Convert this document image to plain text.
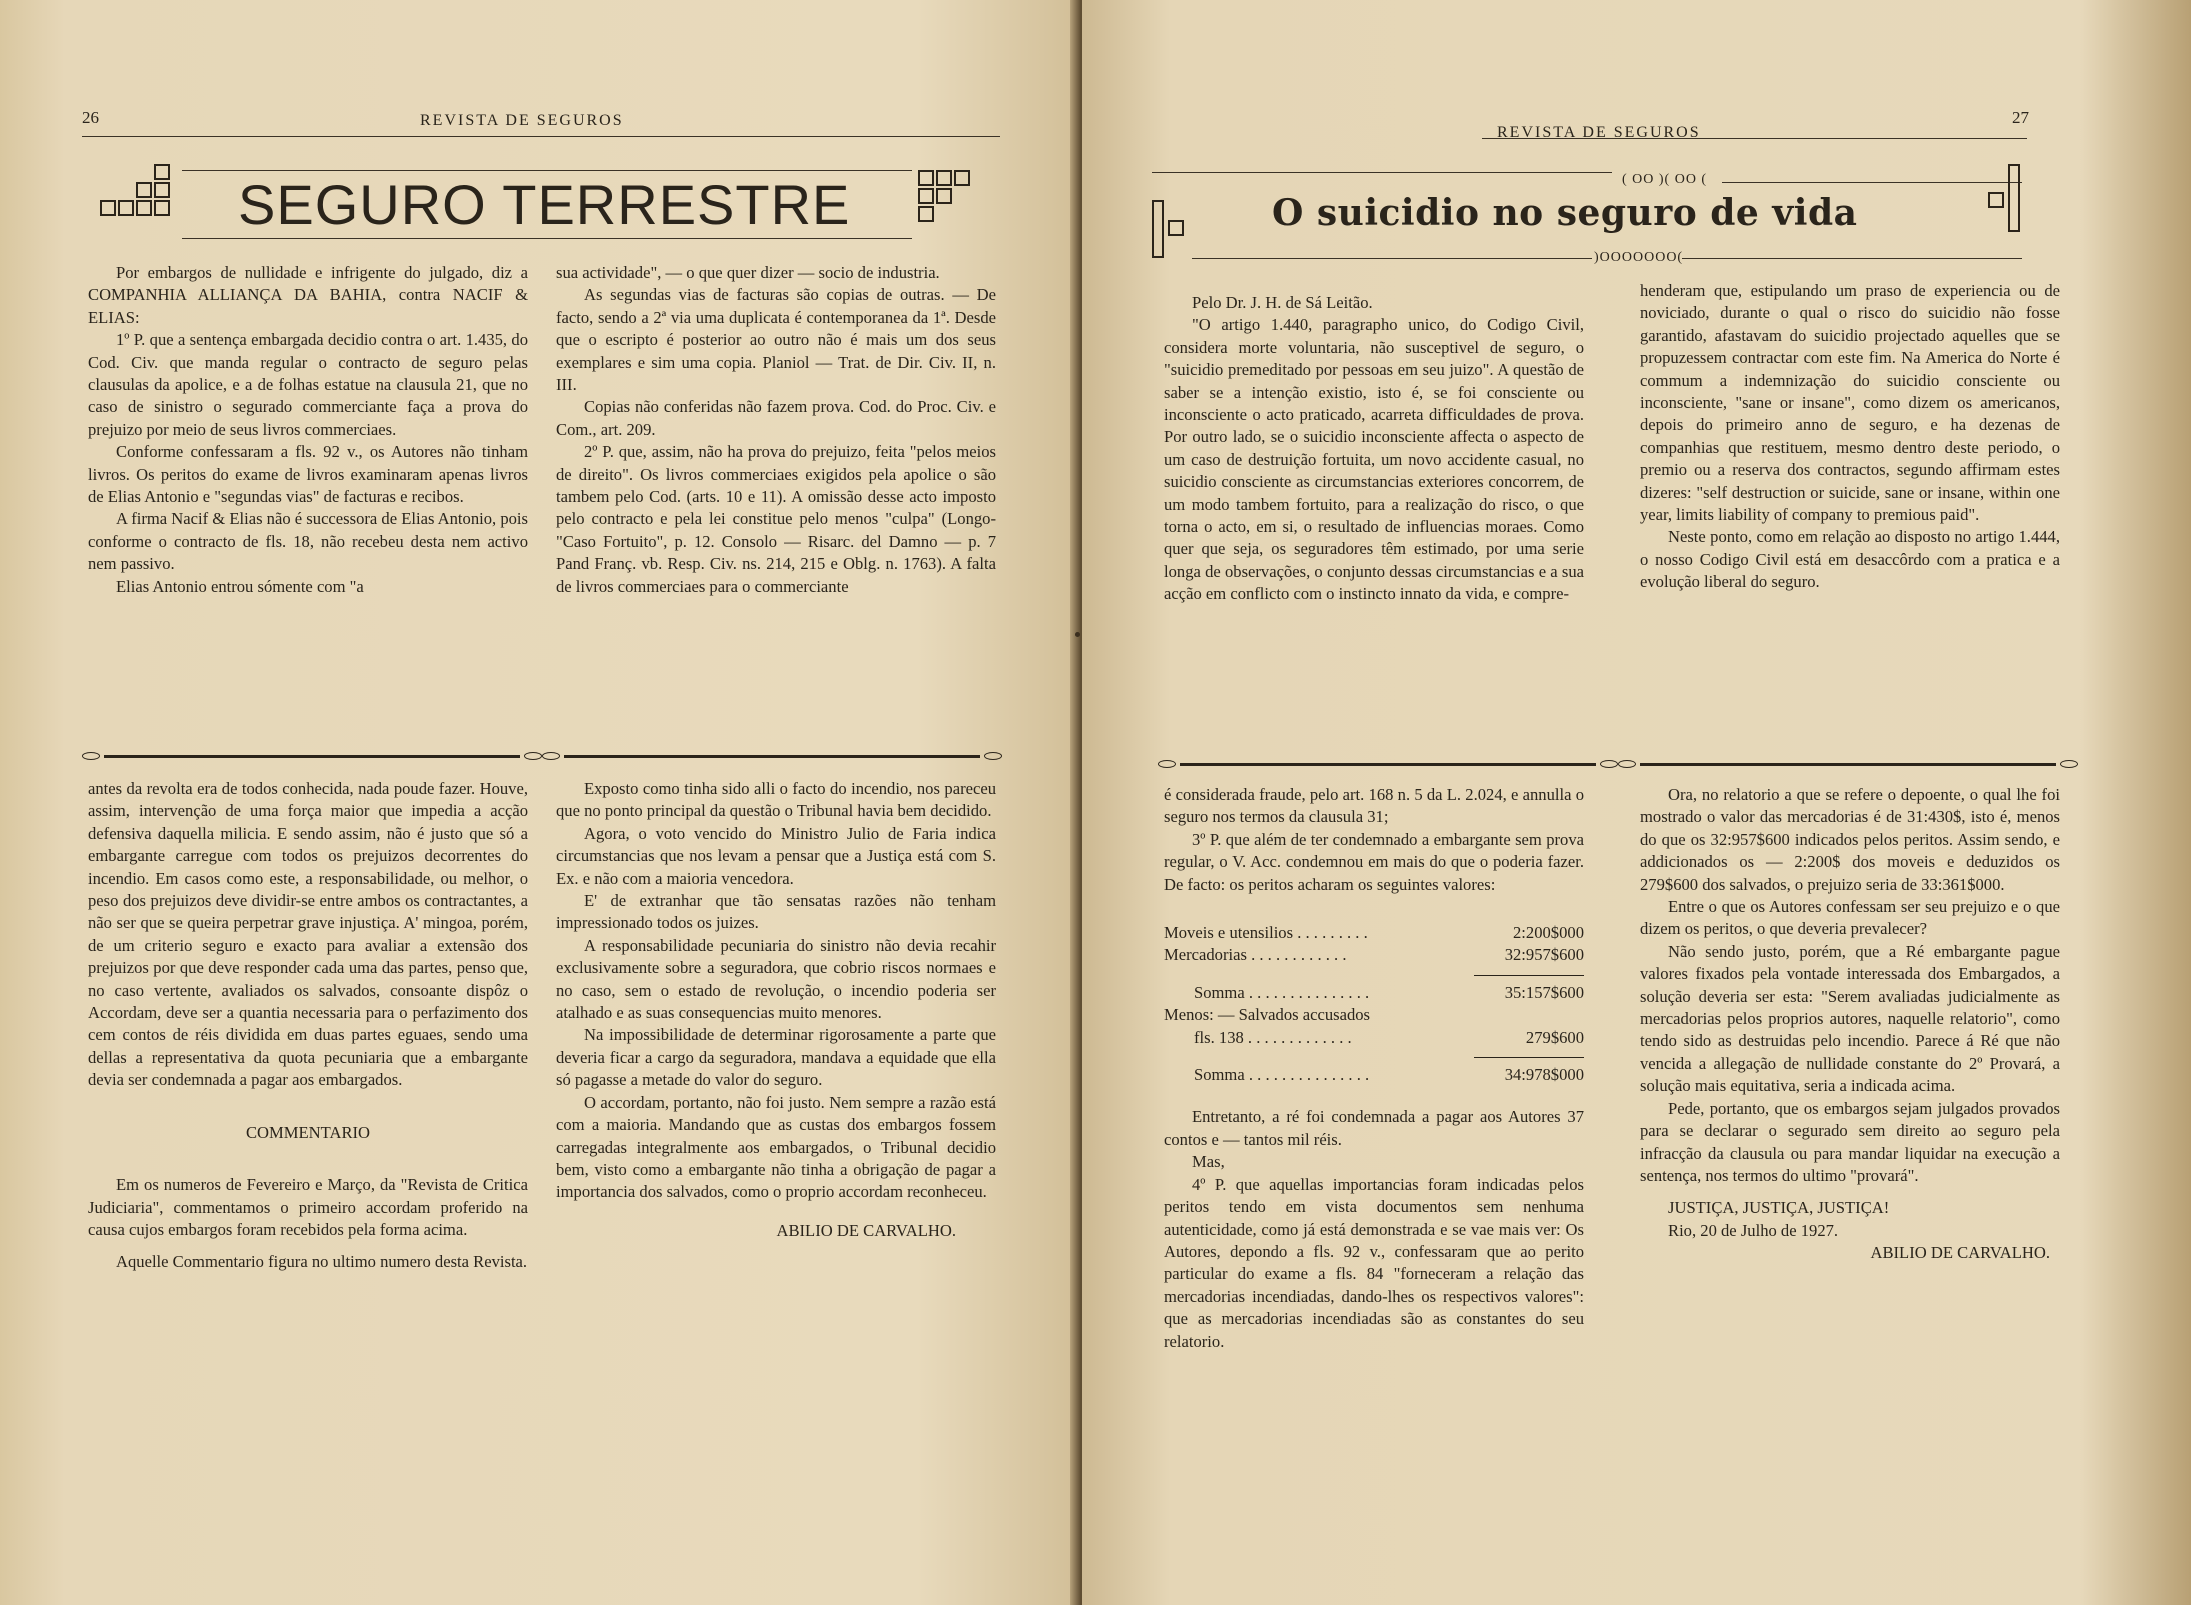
26	REVISTA DE SEGUROS
SEGURO TERRESTRE

Por embargos de nullidade e infrigente do julgado, diz a COMPANHIA ALLIANÇA DA BAHIA, contra NACIF & ELIAS:

1º P. que a sentença embargada decidio contra o art. 1.435, do Cod. Civ. que manda regular o contracto de seguro pelas clausulas da apolice, e a de folhas estatue na clausula 21, que no caso de sinistro o segurado commerciante faça a prova do prejuizo por meio de seus livros commerciaes.

Conforme confessaram a fls. 92 v., os Autores não tinham livros. Os peritos do exame de livros examinaram apenas livros de Elias Antonio e "segundas vias" de facturas e recibos.

A firma Nacif & Elias não é successora de Elias Antonio, pois conforme o contracto de fls. 18, não recebeu desta nem activo nem passivo.

Elias Antonio entrou sómente com "a

sua actividade", — o que quer dizer — socio de industria.

As segundas vias de facturas são copias de outras. — De facto, sendo a 2ª via uma duplicata é contemporanea da 1ª. Desde que o escripto é posterior ao outro não é mais um dos seus exemplares e sim uma copia. Planiol — Trat. de Dir. Civ. II, n. III.

Copias não conferidas não fazem prova. Cod. do Proc. Civ. e Com., art. 209.

2º P. que, assim, não ha prova do prejuizo, feita "pelos meios de direito". Os livros commerciaes exigidos pela apolice o são tambem pelo Cod. (arts. 10 e 11). A omissão desse acto imposto pelo contracto e pela lei constitue pelo menos "culpa" (Longo- "Caso Fortuito", p. 12. Consolo — Risarc. del Damno — p. 7 Pand Franç. vb. Resp. Civ. ns. 214, 215 e Oblg. n. 1763). A falta de livros commerciaes para o commerciante

antes da revolta era de todos conhecida, nada poude fazer. Houve, assim, intervenção de uma força maior que impedia a acção defensiva daquella milicia. E sendo assim, não é justo que só a embargante carregue com todos os prejuizos decorrentes do incendio. Em casos como este, a responsabilidade, ou melhor, o peso dos prejuizos deve dividir-se entre ambos os contractantes, a não ser que se queira perpetrar grave injustiça. A' mingoa, porém, de um criterio seguro e exacto para avaliar a extensão dos prejuizos por que deve responder cada uma das partes, penso que, no caso vertente, avaliados os salvados, consoante dispôz o Accordam, deve ser a quantia necessaria para o perfazimento dos cem contos de réis dividida em duas partes eguaes, sendo uma dellas a representativa da quota pecuniaria que a embargante devia ser condemnada a pagar aos embargados.

COMMENTARIO

Em os numeros de Fevereiro e Março, da "Revista de Critica Judiciaria", commentamos o primeiro accordam proferido na causa cujos embargos foram recebidos pela forma acima.

Aquelle Commentario figura no ultimo numero desta Revista.

Exposto como tinha sido alli o facto do incendio, nos pareceu que no ponto principal da questão o Tribunal havia bem decidido.

Agora, o voto vencido do Ministro Julio de Faria indica circumstancias que nos levam a pensar que a Justiça está com S. Ex. e não com a maioria vencedora.

E' de extranhar que tão sensatas razões não tenham impressionado todos os juizes.

A responsabilidade pecuniaria do sinistro não devia recahir exclusivamente sobre a seguradora, que cobrio riscos normaes e no caso, sem o estado de revolução, o incendio poderia ser atalhado e as suas consequencias muito menores.

Na impossibilidade de determinar rigorosamente a parte que deveria ficar a cargo da seguradora, mandava a equidade que ella só pagasse a metade do valor do seguro.

O accordam, portanto, não foi justo. Nem sempre a razão está com a maioria. Mandando que as custas dos embargos fossem carregadas integralmente aos embargados, o Tribunal decidio bem, visto como a embargante não tinha a obrigação de pagar a importancia dos salvados, como o proprio accordam reconheceu.

ABILIO DE CARVALHO.

REVISTA DE SEGUROS
27
( OO )( OO (
O suicidio no seguro de vida
)OOOOOOO(

Pelo Dr. J. H. de Sá Leitão.

"O artigo 1.440, paragrapho unico, do Codigo Civil, considera morte voluntaria, não susceptivel de seguro, o "suicidio premeditado por pessoas em seu juizo". A questão de saber se a intenção existio, isto é, se foi consciente ou inconsciente o acto praticado, acarreta difficuldades de prova. Por outro lado, se o suicidio inconsciente affecta o aspecto de um caso de destruição fortuita, um novo accidente casual, no suicidio consciente as circumstancias exteriores concorrem, de um modo tambem fortuito, para a realização do risco, o que torna o acto, em si, o resultado de influencias moraes. Como quer que seja, os seguradores têm estimado, por uma serie longa de observações, o conjunto dessas circumstancias e a sua acção em conflicto com o instincto innato da vida, e compre-

henderam que, estipulando um praso de experiencia ou de noviciado, durante o qual o risco do suicidio não fosse garantido, afastavam do suicidio projectado aquelles que se propuzessem contractar com este fim. Na America do Norte é commum a indemnização do suicidio consciente ou inconsciente, "sane or insane", como dizem os americanos, depois do primeiro anno de seguro, e ha dezenas de companhias que restituem, mesmo dentro deste periodo, o premio ou a reserva dos contractos, segundo affirmam estes dizeres: "self destruction or suicide, sane or insane, within one year, limits liability of company to premious paid".

Neste ponto, como em relação ao disposto no artigo 1.444, o nosso Codigo Civil está em desaccôrdo com a pratica e a evolução liberal do seguro.

é considerada fraude, pelo art. 168 n. 5 da L. 2.024, e annulla o seguro nos termos da clausula 31;

3º P. que além de ter condemnado a embargante sem prova regular, o V. Acc. condemnou em mais do que o poderia fazer. De facto: os peritos acharam os seguintes valores:

Moveis e utensilios . . . . . . . . .	2:200$000
Mercadorias . . . . . . . . . . . .	32:957$600
Somma . . . . . . . . . . . . . . .	35:157$600
Menos: — Salvados accusados
fls. 138 . . . . . . . . . . . . .	279$600
Somma . . . . . . . . . . . . . . .	34:978$000

Entretanto, a ré foi condemnada a pagar aos Autores 37 contos e — tantos mil réis.

Mas,

4º P. que aquellas importancias foram indicadas pelos peritos tendo em vista documentos sem nenhuma autenticidade, como já está demonstrada e se vae mais ver: Os Autores, depondo a fls. 92 v., confessaram que ao perito particular do exame a fls. 84 "forneceram a relação das mercadorias incendiadas, dando-lhes os respectivos valores": que as mercadorias incendiadas são as constantes do seu relatorio.

Ora, no relatorio a que se refere o depoente, o qual lhe foi mostrado o valor das mercadorias é de 31:430$, isto é, menos do que os 32:957$600 indicados pelos peritos. Assim sendo, e addicionados os — 2:200$ dos moveis e deduzidos os 279$600 dos salvados, o prejuizo seria de 33:361$000.

Entre o que os Autores confessam ser seu prejuizo e o que dizem os peritos, o que deveria prevalecer?

Não sendo justo, porém, que a Ré embargante pague valores fixados pela vontade interessada dos Embargados, a solução deveria ser esta: "Serem avaliadas judicialmente as mercadorias pelos proprios autores, naquelle relatorio", como tendo sido as destruidas pelo incendio. Parece á Ré que não vencida a allegação de nullidade constante do 2º Provará, a solução mais equitativa, seria a indicada acima.

Pede, portanto, que os embargos sejam julgados provados para se declarar o segurado sem direito ao seguro pela infracção da clausula ou para mandar liquidar na execução a sentença, nos termos do ultimo "provará".

JUSTIÇA, JUSTIÇA, JUSTIÇA!

Rio, 20 de Julho de 1927.

ABILIO DE CARVALHO.
